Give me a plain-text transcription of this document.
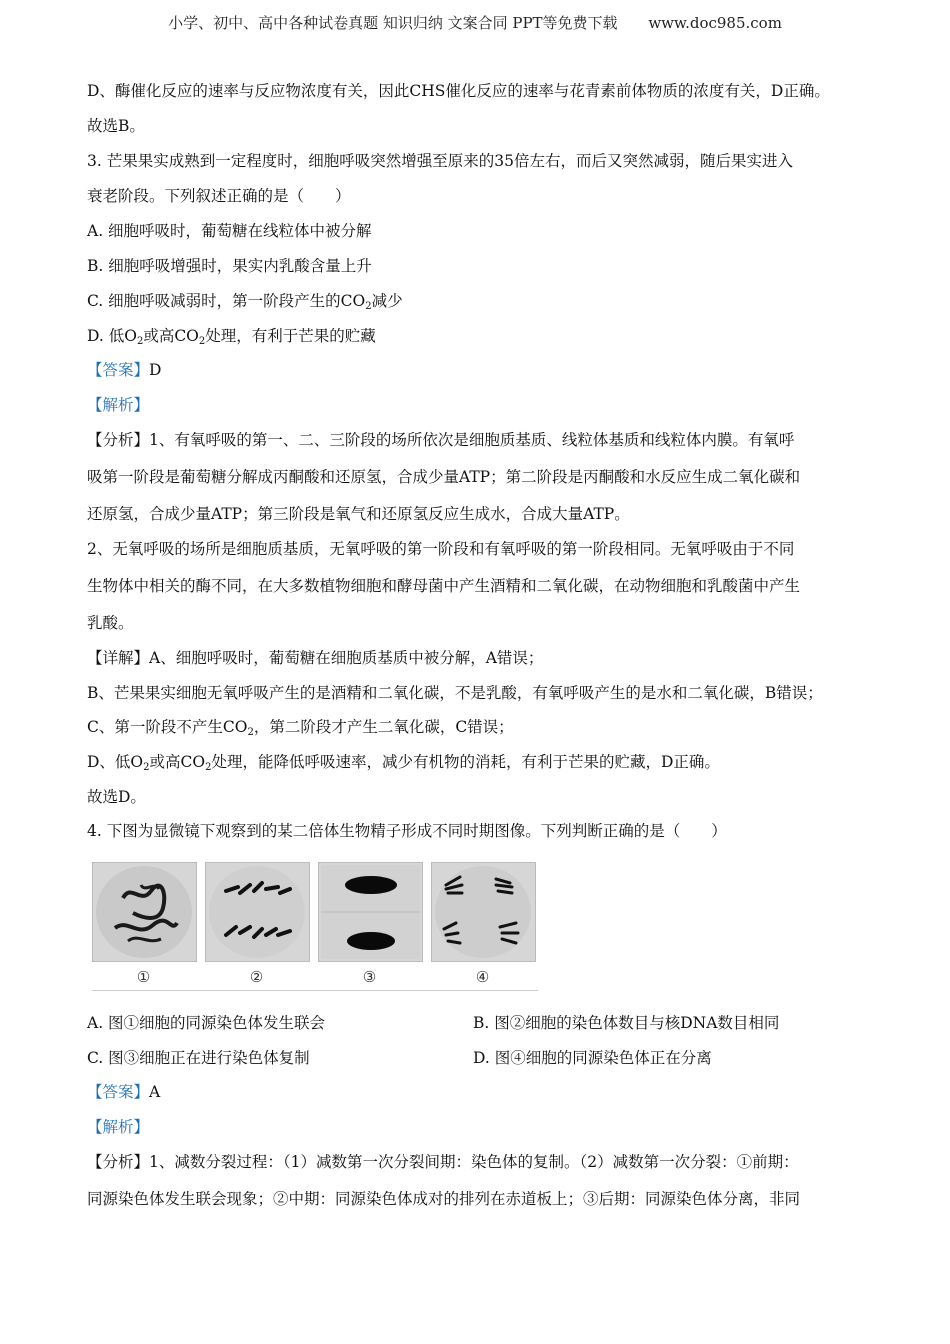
小学、初中、高中各种试卷真题 知识归纳 文案合同 PPT等免费下载 www.doc985.com
D、酶催化反应的速率与反应物浓度有关，因此CHS催化反应的速率与花青素前体物质的浓度有关，D正确。
故选B。
3. 芒果果实成熟到一定程度时，细胞呼吸突然增强至原来的35倍左右，而后又突然减弱，随后果实进入
衰老阶段。下列叙述正确的是（　　）
A. 细胞呼吸时，葡萄糖在线粒体中被分解
B. 细胞呼吸增强时，果实内乳酸含量上升
C. 细胞呼吸减弱时，第一阶段产生的$CO_2$减少
D. 低$O_2$或高$CO_2$处理，有利于芒果的贮藏
【答案】D
【解析】
【分析】1、有氧呼吸的第一、二、三阶段的场所依次是细胞质基质、线粒体基质和线粒体内膜。有氧呼
吸第一阶段是葡萄糖分解成丙酮酸和还原氢，合成少量ATP；第二阶段是丙酮酸和水反应生成二氧化碳和
还原氢，合成少量ATP；第三阶段是氧气和还原氢反应生成水，合成大量ATP。
2、无氧呼吸的场所是细胞质基质，无氧呼吸的第一阶段和有氧呼吸的第一阶段相同。无氧呼吸由于不同
生物体中相关的酶不同，在大多数植物细胞和酵母菌中产生酒精和二氧化碳，在动物细胞和乳酸菌中产生
乳酸。
【详解】A、细胞呼吸时，葡萄糖在细胞质基质中被分解，A错误；
B、芒果果实细胞无氧呼吸产生的是酒精和二氧化碳，不是乳酸，有氧呼吸产生的是水和二氧化碳，B错误；
C、第一阶段不产生$CO_2$，第二阶段才产生二氧化碳，C错误；
D、低$O_2$或高$CO_2$处理，能降低呼吸速率，减少有机物的消耗，有利于芒果的贮藏，D正确。
故选D。
4. 下图为显微镜下观察到的某二倍体生物精子形成不同时期图像。下列判断正确的是（　　）
①	②	③	④
A. 图①细胞的同源染色体发生联会	B. 图②细胞的染色体数目与核DNA数目相同
C. 图③细胞正在进行染色体复制	D. 图④细胞的同源染色体正在分离
【答案】A
【解析】
【分析】1、减数分裂过程：（1）减数第一次分裂间期：染色体的复制。（2）减数第一次分裂：①前期：
同源染色体发生联会现象；②中期：同源染色体成对的排列在赤道板上；③后期：同源染色体分离，非同
